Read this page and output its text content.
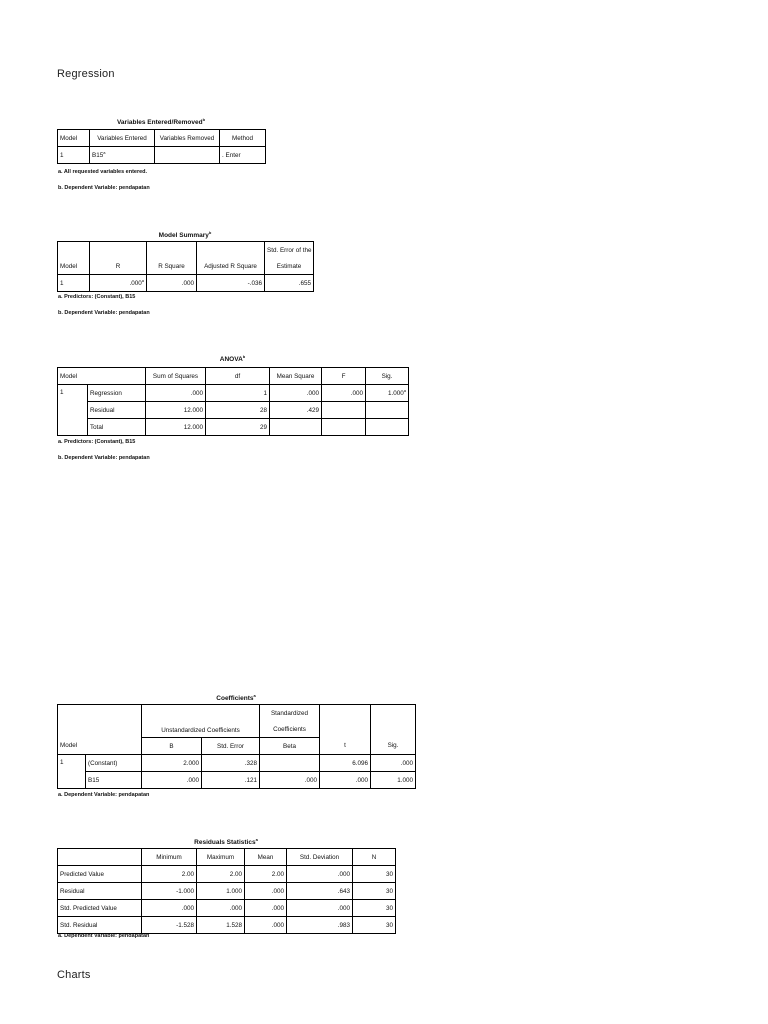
Regression
Charts
Variables Entered/Removed$^b$
Model	Variables Entered	Variables Removed	Method
1	B15$^a$		. Enter
a. All requested variables entered.
b. Dependent Variable: pendapatan
Model Summary$^b$
				Std. Error of the
Model	R	R Square	Adjusted R Square	Estimate
1	.000$^a$	.000	-.036	.655
a. Predictors: (Constant), B15
b. Dependent Variable: pendapatan
ANOVA$^b$
Model		Sum of Squares	df	Mean Square	F	Sig.
1	Regression	.000	1	.000	.000	1.000$^a$
	Residual	12.000	28	.429		
	Total	12.000	29			
a. Predictors: (Constant), B15
b. Dependent Variable: pendapatan
Coefficients$^a$
		Unstandardized Coefficients		Standardized		
				Coefficients		
Model		B	Std. Error	Beta	t	Sig.
1	(Constant)	2.000	.328		6.096	.000
	B15	.000	.121	.000	.000	1.000
a. Dependent Variable: pendapatan
Residuals Statistics$^a$
	Minimum	Maximum	Mean	Std. Deviation	N
Predicted Value	2.00	2.00	2.00	.000	30
Residual	-1.000	1.000	.000	.643	30
Std. Predicted Value	.000	.000	.000	.000	30
Std. Residual	-1.528	1.528	.000	.983	30
a. Dependent Variable: pendapatan
